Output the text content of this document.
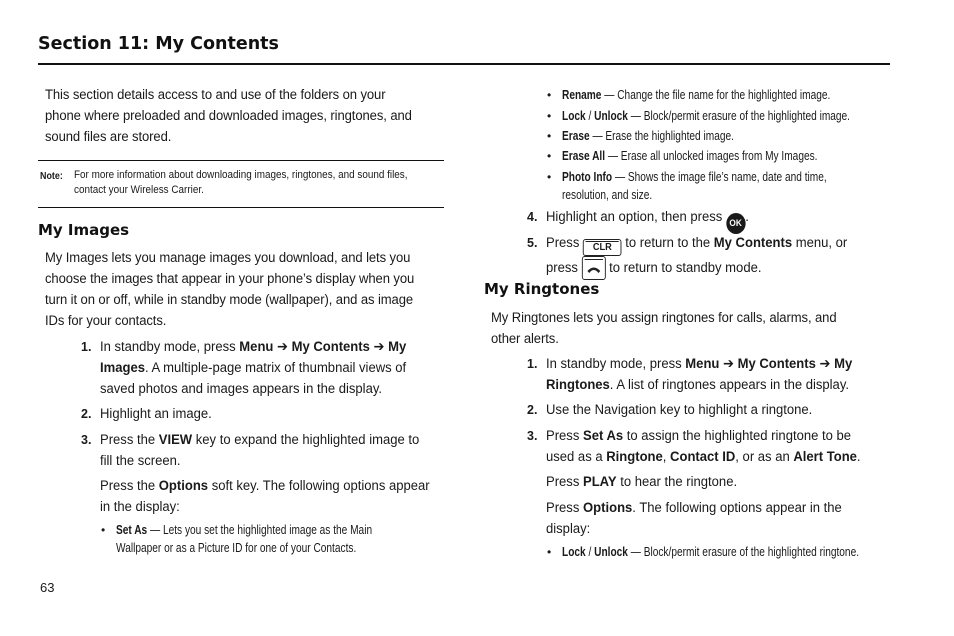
Section 11: My Contents

This section details access to and use of the folders on your

phone where preloaded and downloaded images, ringtones, and

sound files are stored.

Note: For more information about downloading images, ringtones, and sound files,

contact your Wireless Carrier.

My Images

My Images lets you manage images you download, and lets you

choose the images that appear in your phone’s display when you

turn it on or off, while in standby mode (wallpaper), and as image

IDs for your contacts.

1. In standby mode, press Menu ➔ My Contents ➔ My
Images. A multiple-page matrix of thumbnail views of
saved photos and images appears in the display.
2. Highlight an image.
3. Press the VIEW key to expand the highlighted image to
fill the screen.
Press the Options soft key. The following options appear
in the display:
• Set As — Lets you set the highlighted image as the Main
Wallpaper or as a Picture ID for one of your Contacts.
63
• Rename — Change the file name for the highlighted image.
• Lock / Unlock — Block/permit erasure of the highlighted image.
• Erase — Erase the highlighted image.
• Erase All — Erase all unlocked images from My Images.
• Photo Info — Shows the image file’s name, date and time,
resolution, and size.
4. Highlight an option, then press OK .
5. Press CLR to return to the My Contents menu, or
press  to return to standby mode.
My Ringtones

My Ringtones lets you assign ringtones for calls, alarms, and

other alerts.

1. In standby mode, press Menu ➔ My Contents ➔ My
Ringtones. A list of ringtones appears in the display.
2. Use the Navigation key to highlight a ringtone.
3. Press Set As to assign the highlighted ringtone to be
used as a Ringtone, Contact ID, or as an Alert Tone.
Press PLAY to hear the ringtone.
Press Options. The following options appear in the
display:
• Lock / Unlock — Block/permit erasure of the highlighted ringtone.
